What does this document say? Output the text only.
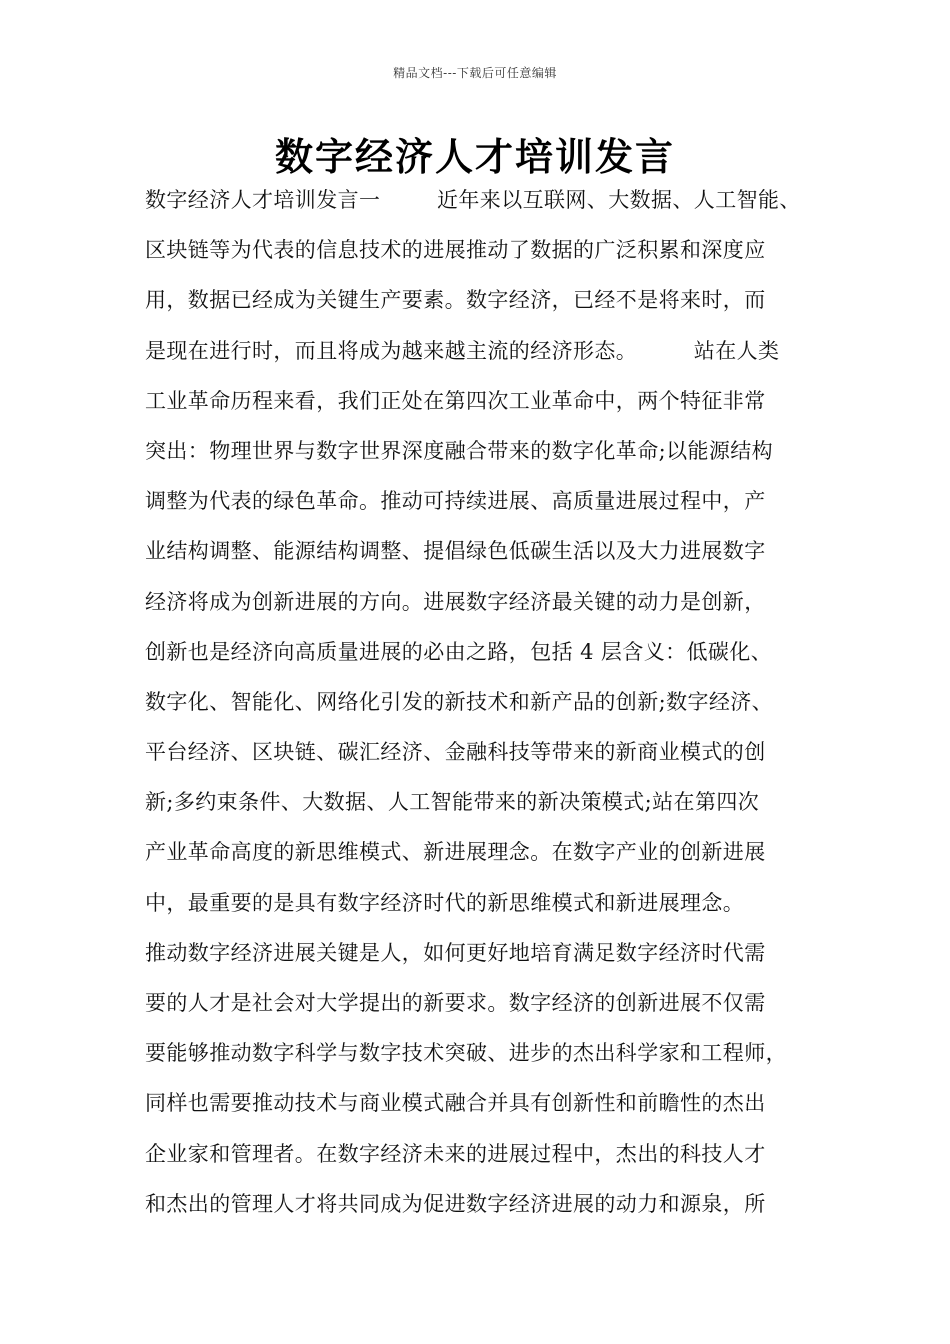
精品文档---下载后可任意编辑
数字经济人才培训发言
数字经济人才培训发言一        近年来以互联网、大数据、人工智能、
区块链等为代表的信息技术的进展推动了数据的广泛积累和深度应
用，数据已经成为关键生产要素。数字经济，已经不是将来时，而
是现在进行时，而且将成为越来越主流的经济形态。        站在人类
工业革命历程来看，我们正处在第四次工业革命中，两个特征非常
突出：物理世界与数字世界深度融合带来的数字化革命;以能源结构
调整为代表的绿色革命。推动可持续进展、高质量进展过程中，产
业结构调整、能源结构调整、提倡绿色低碳生活以及大力进展数字
经济将成为创新进展的方向。进展数字经济最关键的动力是创新，
创新也是经济向高质量进展的必由之路，包括 4 层含义：低碳化、
数字化、智能化、网络化引发的新技术和新产品的创新;数字经济、
平台经济、区块链、碳汇经济、金融科技等带来的新商业模式的创
新;多约束条件、大数据、人工智能带来的新决策模式;站在第四次
产业革命高度的新思维模式、新进展理念。在数字产业的创新进展
中，最重要的是具有数字经济时代的新思维模式和新进展理念。
推动数字经济进展关键是人，如何更好地培育满足数字经济时代需
要的人才是社会对大学提出的新要求。数字经济的创新进展不仅需
要能够推动数字科学与数字技术突破、进步的杰出科学家和工程师，
同样也需要推动技术与商业模式融合并具有创新性和前瞻性的杰出
企业家和管理者。在数字经济未来的进展过程中，杰出的科技人才
和杰出的管理人才将共同成为促进数字经济进展的动力和源泉，所
